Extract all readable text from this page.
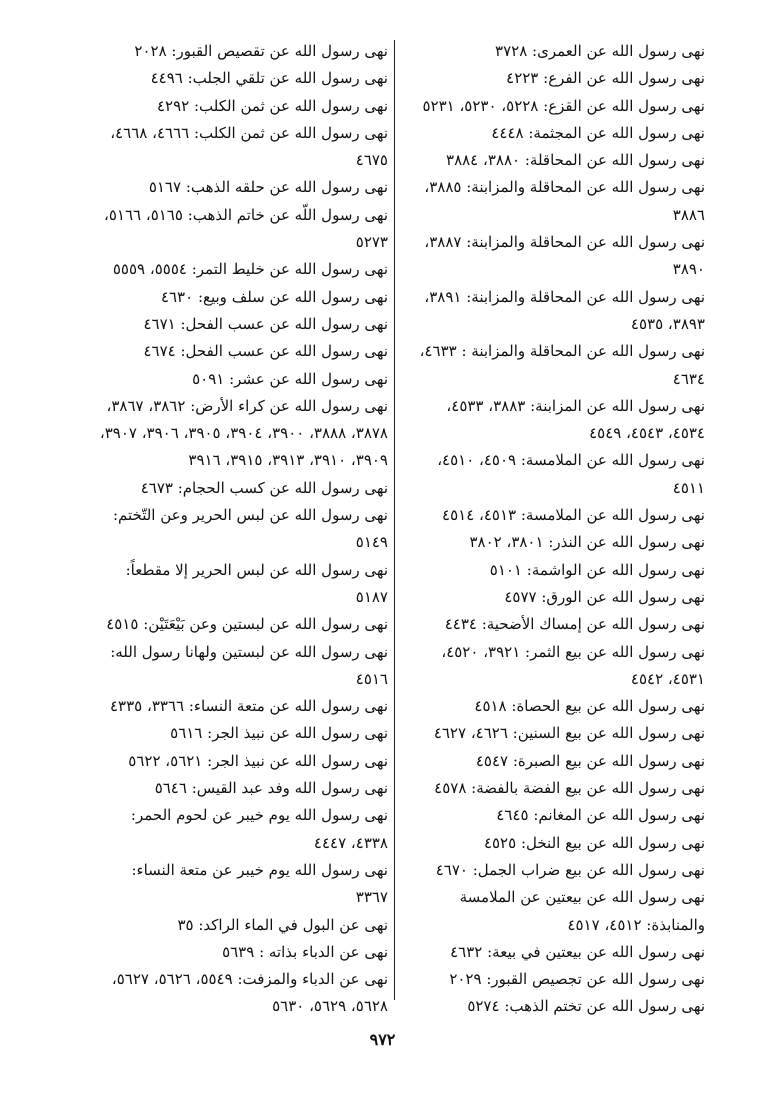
نهى رسول الله عن العمرى: ٣٧٢٨
نهى رسول الله عن الفرع: ٤٢٢٣
نهى رسول الله عن القزع: ٥٢٢٨، ٥٢٣٠، ٥٢٣١
نهى رسول الله عن المجثمة: ٤٤٤٨
نهى رسول الله عن المحاقلة: ٣٨٨٠، ٣٨٨٤
نهى رسول الله عن المحاقلة والمزابنة: ٣٨٨٥، ٣٨٨٦
نهى رسول الله عن المحاقلة والمزابنة: ٣٨٨٧، ٣٨٩٠
نهى رسول الله عن المحاقلة والمزابنة: ٣٨٩١، ٣٨٩٣، ٤٥٣٥
نهى رسول الله عن المحاقلة والمزابنة : ٤٦٣٣، ٤٦٣٤
نهى رسول الله عن المزابنة: ٣٨٨٣، ٤٥٣٣، ٤٥٣٤، ٤٥٤٣، ٤٥٤٩
نهى رسول الله عن الملامسة: ٤٥٠٩، ٤٥١٠، ٤٥١١
نهى رسول الله عن الملامسة: ٤٥١٣، ٤٥١٤
نهى رسول الله عن النذر: ٣٨٠١، ٣٨٠٢
نهى رسول الله عن الواشمة: ٥١٠١
نهى رسول الله عن الورق: ٤٥٧٧
نهى رسول الله عن إمساك الأضحية: ٤٤٣٤
نهى رسول الله عن بيع الثمر: ٣٩٢١، ٤٥٢٠، ٤٥٣١، ٤٥٤٢
نهى رسول الله عن بيع الحصاة: ٤٥١٨
نهى رسول الله عن بيع السنين: ٤٦٢٦، ٤٦٢٧
نهى رسول الله عن بيع الصبرة: ٤٥٤٧
نهى رسول الله عن بيع الفضة بالفضة: ٤٥٧٨
نهى رسول الله عن المغانم: ٤٦٤٥
نهى رسول الله عن بيع النخل: ٤٥٢٥
نهى رسول الله عن بيع ضراب الجمل: ٤٦٧٠
نهى رسول الله عن بيعتين عن الملامسة والمنابذة: ٤٥١٢، ٤٥١٧
نهى رسول الله عن بيعتين في بيعة: ٤٦٣٢
نهى رسول الله عن تجصيص القبور: ٢٠٢٩
نهى رسول الله عن تختم الذهب: ٥٢٧٤
نهى رسول الله عن تقصيص القبور: ٢٠٢٨
نهى رسول الله عن تلقي الجلب: ٤٤٩٦
نهى رسول الله عن ثمن الكلب: ٤٢٩٢
نهى رسول الله عن ثمن الكلب: ٤٦٦٦، ٤٦٦٨، ٤٦٧٥
نهى رسول الله عن حلقه الذهب: ٥١٦٧
نهى رسول اللّه عن خاتم الذهب: ٥١٦٥، ٥١٦٦، ٥٢٧٣
نهى رسول الله عن خليط التمر: ٥٥٥٤، ٥٥٥٩
نهى رسول الله عن سلف وبيع: ٤٦٣٠
نهى رسول الله عن عسب الفحل: ٤٦٧١
نهى رسول الله عن عسب الفحل: ٤٦٧٤
نهى رسول الله عن عشر: ٥٠٩١
نهى رسول الله عن كراء الأرض: ٣٨٦٢، ٣٨٦٧، ٣٨٧٨، ٣٨٨٨، ٣٩٠٠، ٣٩٠٤، ٣٩٠٥، ٣٩٠٦، ٣٩٠٧، ٣٩٠٩، ٣٩١٠، ٣٩١٣، ٣٩١٥، ٣٩١٦
نهى رسول الله عن كسب الحجام: ٤٦٧٣
نهى رسول الله عن لبس الحرير وعن التّختم: ٥١٤٩
نهى رسول الله عن لبس الحرير إلا مقطعاً: ٥١٨٧
نهى رسول الله عن لبستين وعن بَيْعَتَيْن: ٤٥١٥
نهى رسول الله عن لبستين ولهانا رسول الله: ٤٥١٦
نهى رسول الله عن متعة النساء: ٣٣٦٦، ٤٣٣٥
نهى رسول الله عن نبيذ الجر: ٥٦١٦
نهى رسول الله عن نبيذ الجر: ٥٦٢١، ٥٦٢٢
نهى رسول الله وفد عبد القيس: ٥٦٤٦
نهى رسول الله يوم خيبر عن لحوم الحمر: ٤٣٣٨، ٤٤٤٧
نهى رسول الله يوم خيبر عن متعة النساء: ٣٣٦٧
نهى عن البول في الماء الراكد: ٣٥
نهى عن الدباء بذاته : ٥٦٣٩
نهى عن الدباء والمزفت: ٥٥٤٩، ٥٦٢٦، ٥٦٢٧، ٥٦٢٨، ٥٦٢٩، ٥٦٣٠
٩٧٢
